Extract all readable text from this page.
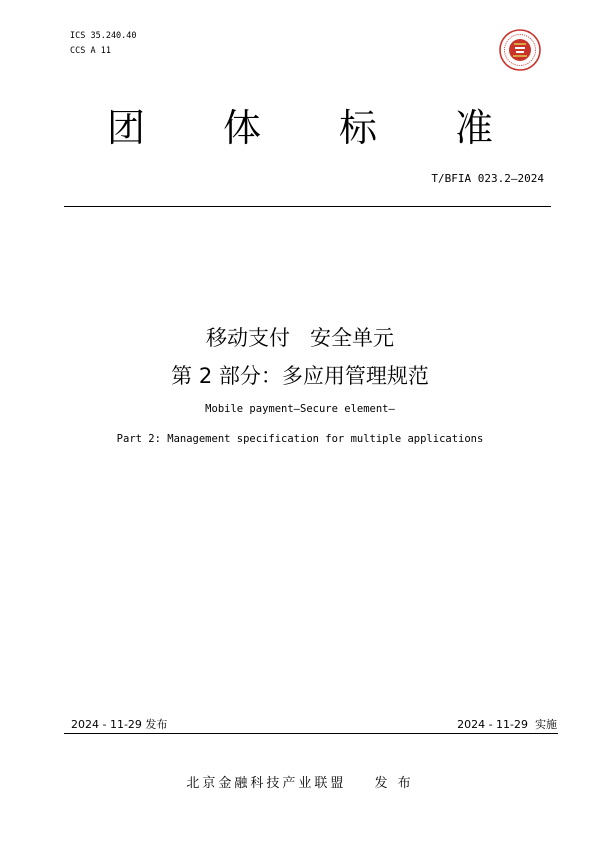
ICS 35.240.40
CCS A 11
团体标准
T/BFIA 023.2—2024
移动支付   安全单元
第 2 部分：多应用管理规范
Mobile payment—Secure element—
Part 2: Management specification for multiple applications
2024 - 11-29 发布	2024 - 11-29  实施
北京金融科技产业联盟 发 布
